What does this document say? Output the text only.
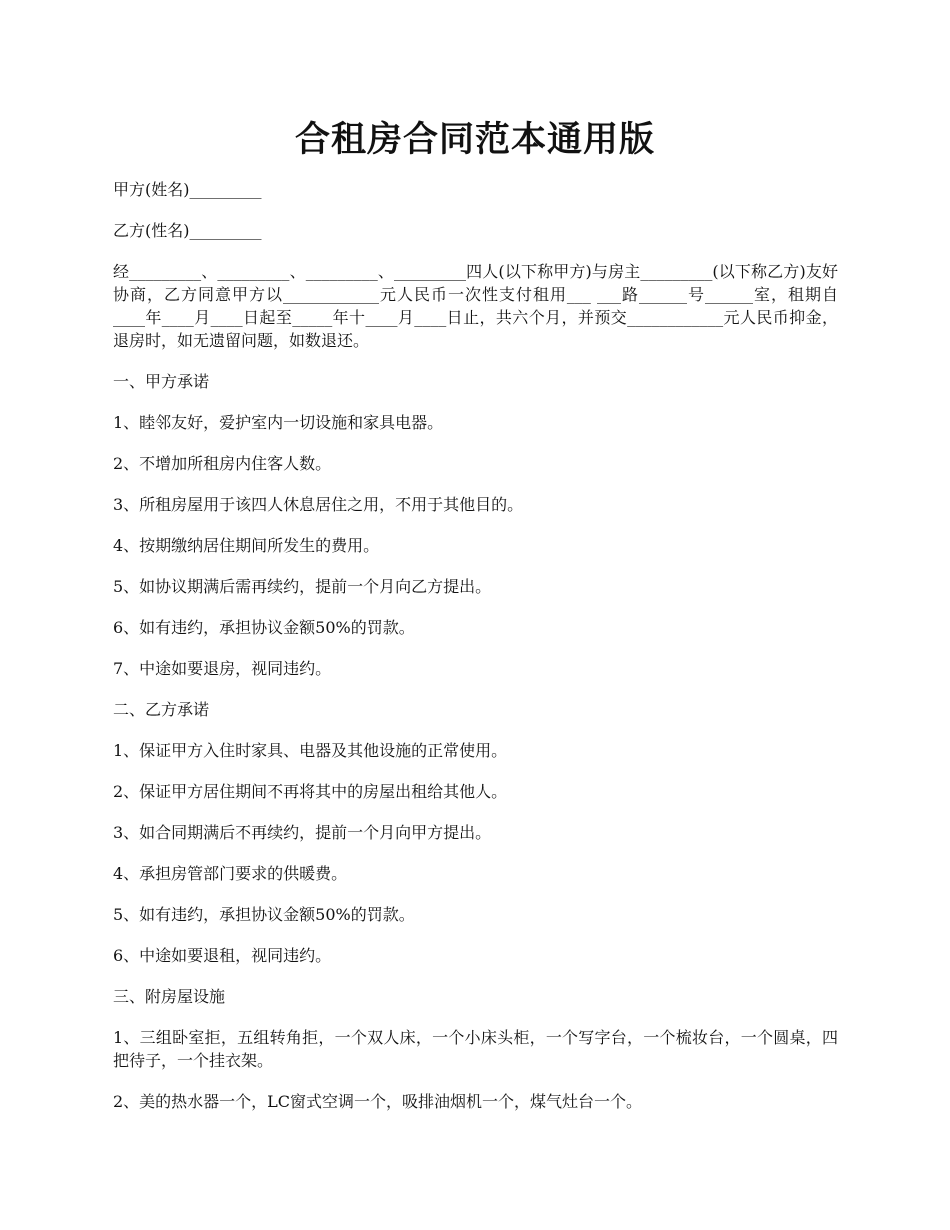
合租房合同范本通用版

甲方(姓名)_________

乙方(性名)_________

经_________、_________、_________、_________四人(以下称甲方)与房主_________(以下称乙方)友好协商，乙方同意甲方以____________元人民币一次性支付租用___ ___路______号______室，租期自____年____月____日起至_____年十____月____日止，共六个月，并预交____________元人民币抑金，退房时，如无遗留问题，如数退还。

一、甲方承诺

1、睦邻友好，爱护室内一切设施和家具电器。

2、不增加所租房内住客人数。

3、所租房屋用于该四人休息居住之用，不用于其他目的。

4、按期缴纳居住期间所发生的费用。

5、如协议期满后需再续约，提前一个月向乙方提出。

6、如有违约，承担协议金额50%的罚款。

7、中途如要退房，视同违约。

二、乙方承诺

1、保证甲方入住时家具、电器及其他设施的正常使用。

2、保证甲方居住期间不再将其中的房屋出租给其他人。

3、如合同期满后不再续约，提前一个月向甲方提出。

4、承担房管部门要求的供暖费。

5、如有违约，承担协议金额50%的罚款。

6、中途如要退租，视同违约。

三、附房屋设施

1、三组卧室拒，五组转角拒，一个双人床，一个小床头柜，一个写字台，一个梳妆台，一个圆桌，四把待子，一个挂衣架。

2、美的热水器一个，LC窗式空调一个，吸排油烟机一个，煤气灶台一个。
